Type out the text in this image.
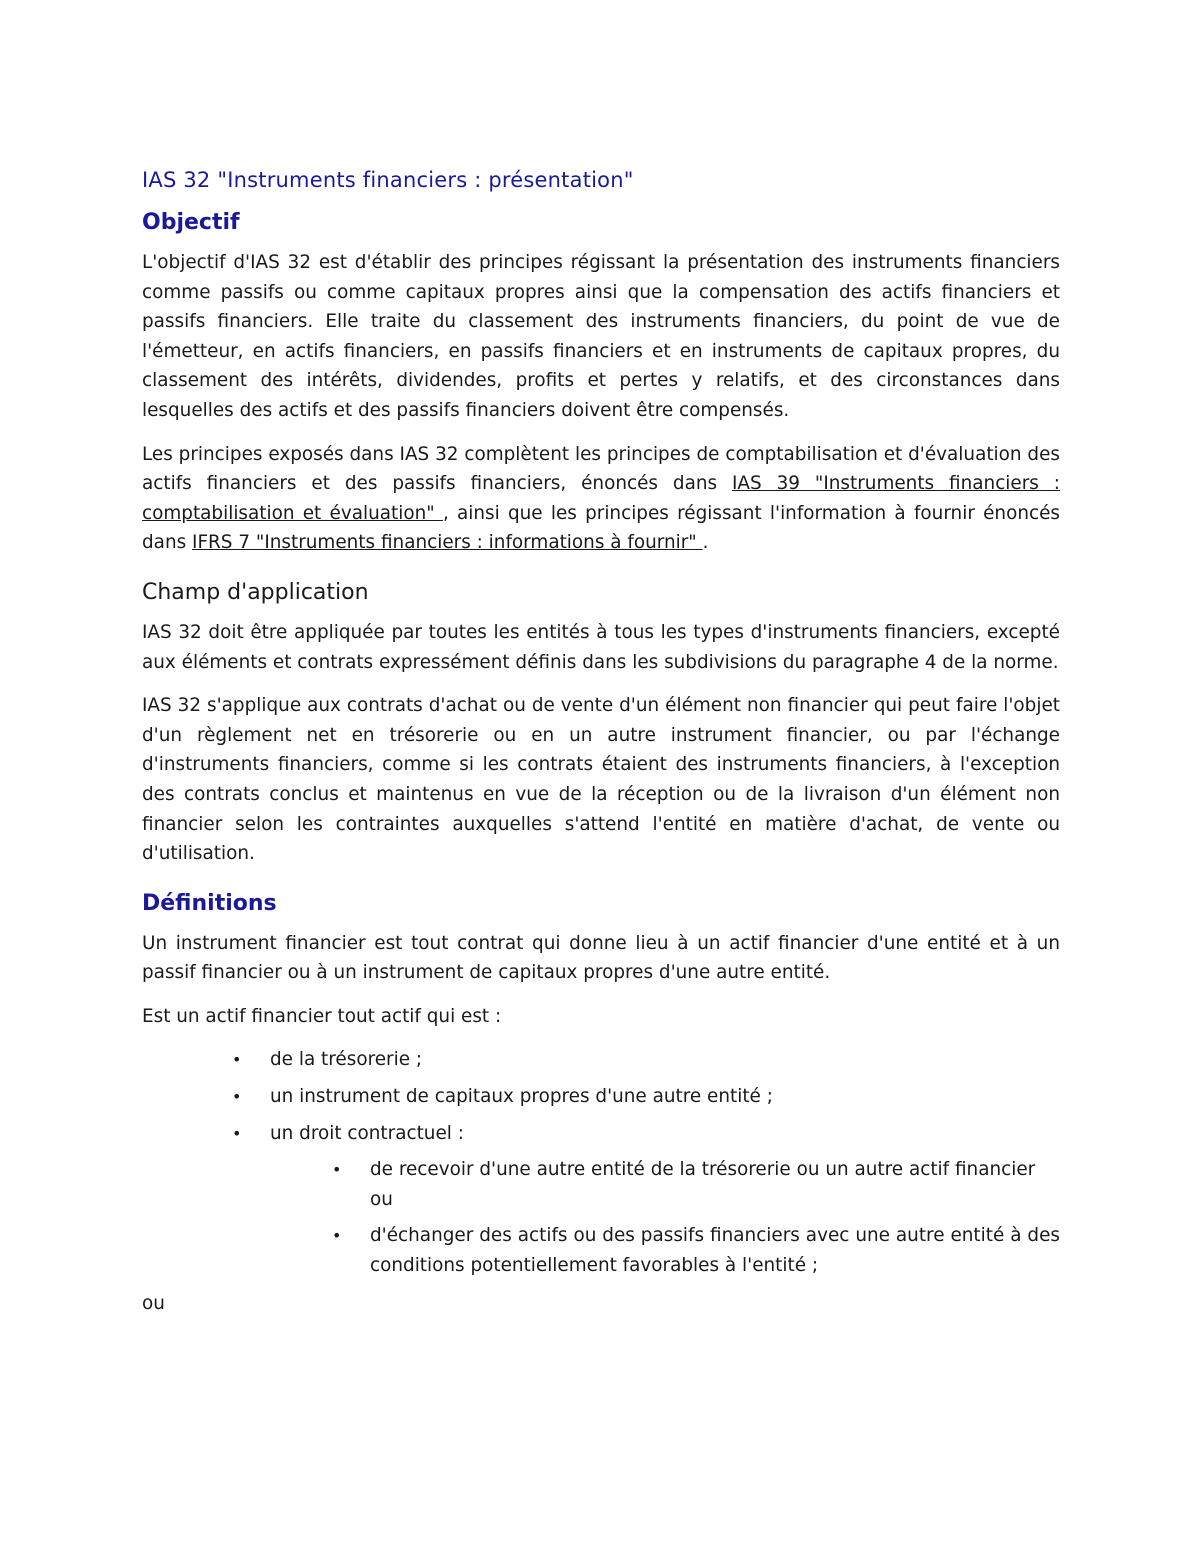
IAS 32 "Instruments financiers : présentation"
Objectif

L'objectif d'IAS 32 est d'établir des principes régissant la présentation des instruments financiers comme passifs ou comme capitaux propres ainsi que la compensation des actifs financiers et passifs financiers. Elle traite du classement des instruments financiers, du point de vue de l'émetteur, en actifs financiers, en passifs financiers et en instruments de capitaux propres, du classement des intérêts, dividendes, profits et pertes y relatifs, et des circonstances dans lesquelles des actifs et des passifs financiers doivent être compensés.

Les principes exposés dans IAS 32 complètent les principes de comptabilisation et d'évaluation des actifs financiers et des passifs financiers, énoncés dans IAS 39 "Instruments financiers : comptabilisation et évaluation" , ainsi que les principes régissant l'information à fournir énoncés dans IFRS 7 "Instruments financiers : informations à fournir" .

Champ d'application

IAS 32 doit être appliquée par toutes les entités à tous les types d'instruments financiers, excepté aux éléments et contrats expressément définis dans les subdivisions du paragraphe 4 de la norme.

IAS 32 s'applique aux contrats d'achat ou de vente d'un élément non financier qui peut faire l'objet d'un règlement net en trésorerie ou en un autre instrument financier, ou par l'échange d'instruments financiers, comme si les contrats étaient des instruments financiers, à l'exception des contrats conclus et maintenus en vue de la réception ou de la livraison d'un élément non financier selon les contraintes auxquelles s'attend l'entité en matière d'achat, de vente ou d'utilisation.

Définitions

Un instrument financier est tout contrat qui donne lieu à un actif financier d'une entité et à un passif financier ou à un instrument de capitaux propres d'une autre entité.

Est un actif financier tout actif qui est :

• de la trésorerie ;
• un instrument de capitaux propres d'une autre entité ;
• un droit contractuel :
• de recevoir d'une autre entité de la trésorerie ou un autre actif financier
ou
• d'échanger des actifs ou des passifs financiers avec une autre entité à des conditions potentiellement favorables à l'entité ;

ou
